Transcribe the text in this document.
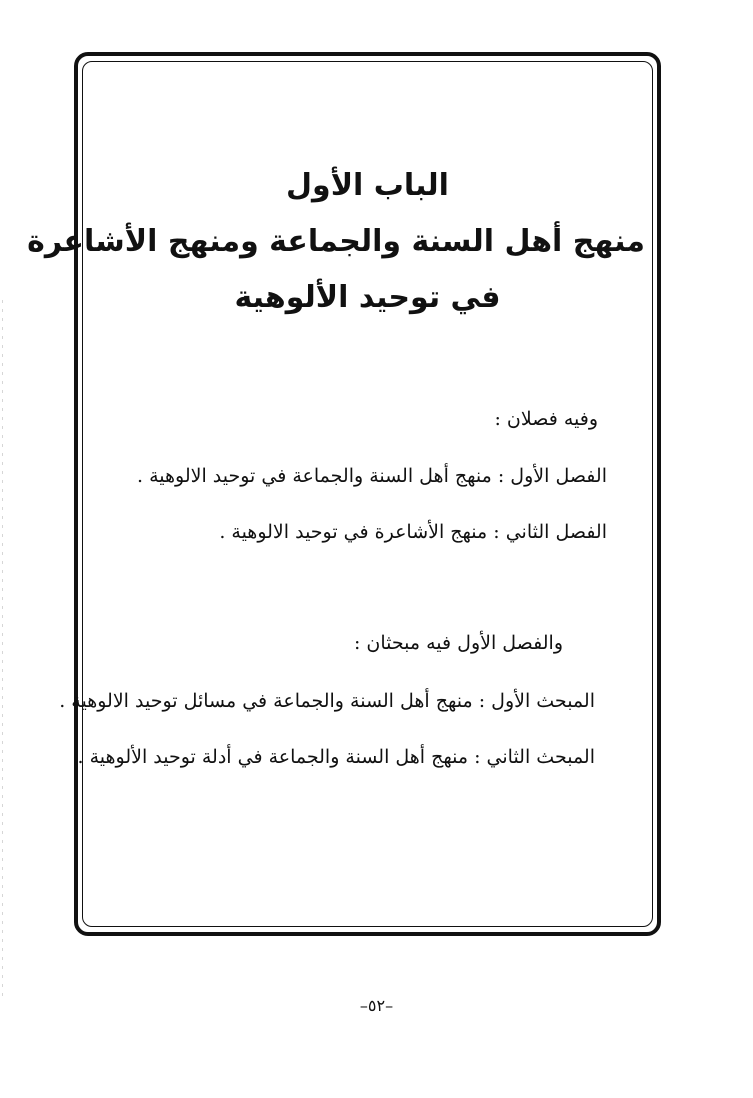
الباب الأول
منهج أهل السنة والجماعة ومنهج الأشاعرة
في توحيد الألوهية
وفيه فصلان :
الفصل الأول : منهج أهل السنة والجماعة في توحيد الالوهية .
الفصل الثاني : منهج الأشاعرة في توحيد الالوهية .
والفصل الأول فيه مبحثان :
المبحث الأول : منهج أهل السنة والجماعة في مسائل توحيد الالوهية .
المبحث الثاني : منهج أهل السنة والجماعة في أدلة توحيد الألوهية .
–٥٢–
